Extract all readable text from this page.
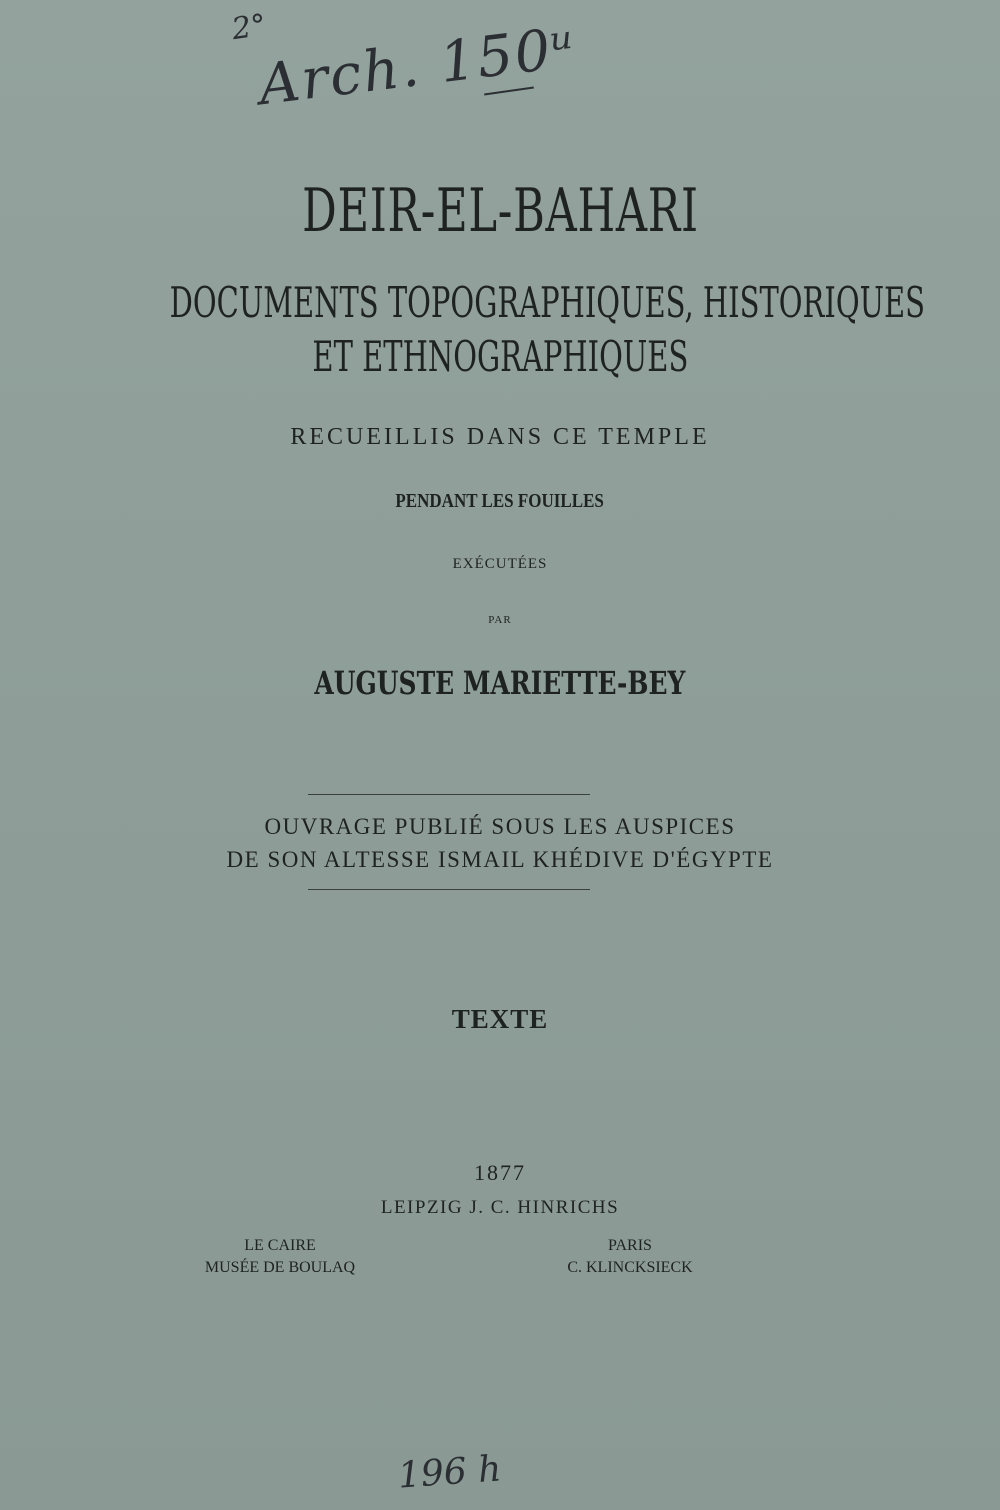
2°
Arch. 150ᵘ
DEIR-EL-BAHARI
DOCUMENTS TOPOGRAPHIQUES, HISTORIQUES
ET ETHNOGRAPHIQUES
RECUEILLIS DANS CE TEMPLE
PENDANT LES FOUILLES
EXÉCUTÉES
PAR
AUGUSTE MARIETTE-BEY
OUVRAGE PUBLIÉ SOUS LES AUSPICES
DE SON ALTESSE ISMAIL KHÉDIVE D'ÉGYPTE
TEXTE
1877
LEIPZIG J. C. HINRICHS
LE CAIRE
MUSÉE DE BOULAQ
PARIS
C. KLINCKSIECK
196 h
